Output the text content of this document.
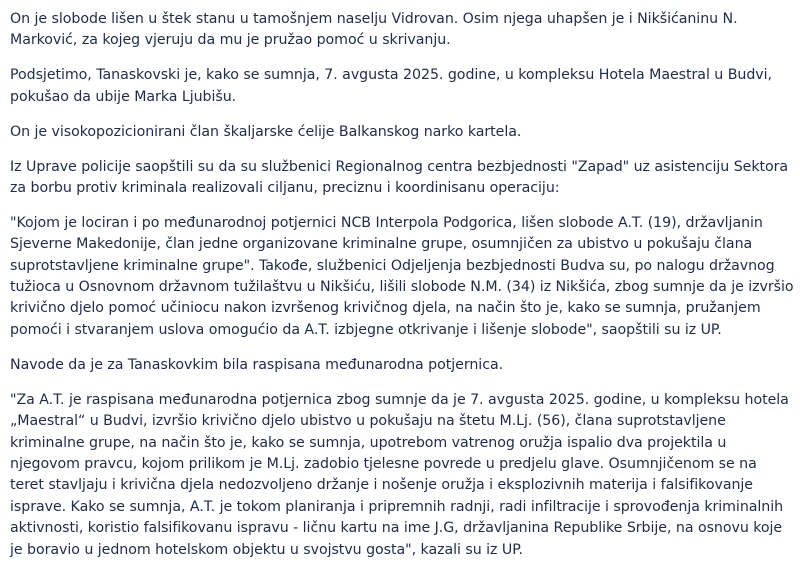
On je slobode lišen u štek stanu u tamošnjem naselju Vidrovan. Osim njega uhapšen je i Nikšićaninu N. Marković, za kojeg vjeruju da mu je pružao pomoć u skrivanju.

Podsjetimo, Tanaskovski je, kako se sumnja, 7. avgusta 2025. godine, u kompleksu Hotela Maestral u Budvi, pokušao da ubije Marka Ljubišu.

On je visokopozicionirani član škaljarske ćelije Balkanskog narko kartela.

Iz Uprave policije saopštili su da su službenici Regionalnog centra bezbjednosti "Zapad" uz asistenciju Sektora za borbu protiv kriminala realizovali ciljanu, preciznu i koordinisanu operaciju:

"Kojom je lociran i po međunarodnoj potjernici NCB Interpola Podgorica, lišen slobode A.T. (19), državljanin Sjeverne Makedonije, član jedne organizovane kriminalne grupe, osumnjičen za ubistvo u pokušaju člana suprotstavljene kriminalne grupe". Takođe, službenici Odjeljenja bezbjednosti Budva su, po nalogu državnog tužioca u Osnovnom državnom tužilaštvu u Nikšiću, lišili slobode N.M. (34) iz Nikšića, zbog sumnje da je izvršio krivično djelo pomoć učiniocu nakon izvršenog krivičnog djela, na način što je, kako se sumnja, pružanjem pomoći i stvaranjem uslova omogućio da A.T. izbjegne otkrivanje i lišenje slobode", saopštili su iz UP.

Navode da je za Tanaskovkim bila raspisana međunarodna potjernica.

"Za A.T. je raspisana međunarodna potjernica zbog sumnje da je 7. avgusta 2025. godine, u kompleksu hotela „Maestral“ u Budvi, izvršio krivično djelo ubistvo u pokušaju na štetu M.Lj. (56), člana suprotstavljene kriminalne grupe, na način što je, kako se sumnja, upotrebom vatrenog oružja ispalio dva projektila u njegovom pravcu, kojom prilikom je M.Lj. zadobio tjelesne povrede u predjelu glave. Osumnjičenom se na teret stavljaju i krivična djela nedozvoljeno držanje i nošenje oružja i eksplozivnih materija i falsifikovanje isprave. Kako se sumnja, A.T. je tokom planiranja i pripremnih radnji, radi infiltracije i sprovođenja kriminalnih aktivnosti, koristio falsifikovanu ispravu - ličnu kartu na ime J.G, državljanina Republike Srbije, na osnovu koje je boravio u jednom hotelskom objektu u svojstvu gosta", kazali su iz UP.
